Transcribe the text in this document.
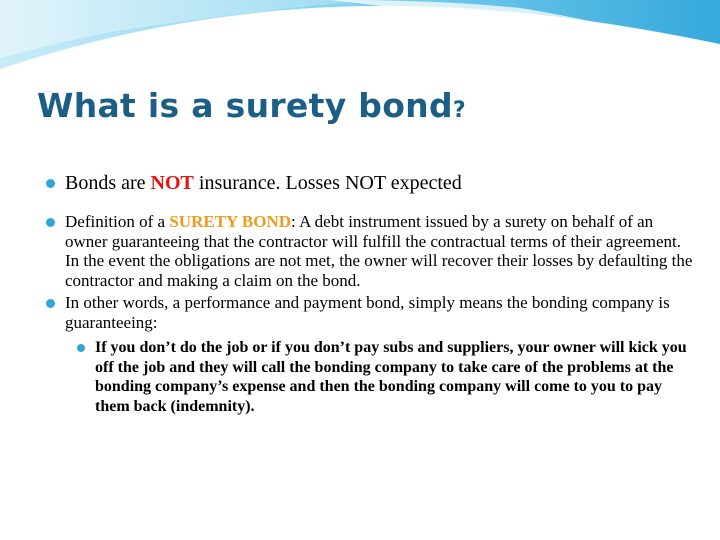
What is a surety bond?
Bonds are NOT insurance. Losses NOT expected
Definition of a SURETY BOND: A debt instrument issued by a surety on behalf of an owner guaranteeing that the contractor will fulfill the contractual terms of their agreement. In the event the obligations are not met, the owner will recover their losses by defaulting the contractor and making a claim on the bond.
In other words, a performance and payment bond, simply means the bonding company is guaranteeing:
If you don’t do the job or if you don’t pay subs and suppliers, your owner will kick you off the job and they will call the bonding company to take care of the problems at the bonding company’s expense and then the bonding company will come to you to pay them back (indemnity).
